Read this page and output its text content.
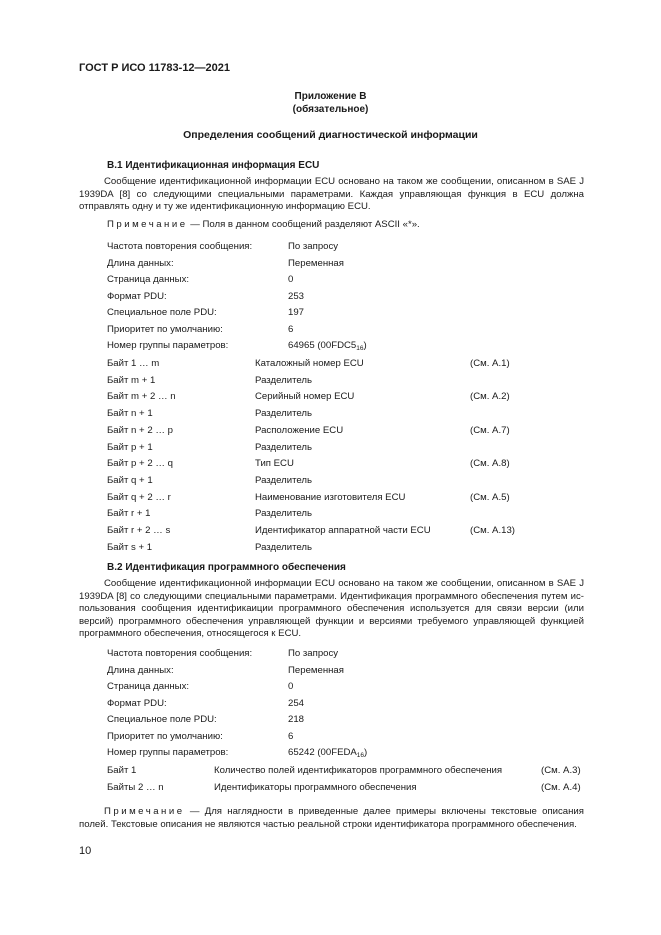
ГОСТ Р ИСО 11783-12—2021
Приложение В
(обязательное)
Определения сообщений диагностической информации
В.1 Идентификационная информация ECU
Сообщение идентификационной информации ECU основано на таком же сообщении, описанном в SAE J 1939DA [8] со следующими специальными параметрами. Каждая управляющая функция в ECU должна отправлять одну и ту же идентификационную информацию ECU.
Примечание — Поля в данном сообщений разделяют ASCII «*».
Частота повторения сообщения:	По запросу
Длина данных:	Переменная
Страница данных:	0
Формат PDU:	253
Специальное поле PDU:	197
Приоритет по умолчанию:	6
Номер группы параметров:	64965 $(00FDC5_{16})$
Байт 1 … m	Каталожный номер ECU	(См. А.1)
Байт m + 1	Разделитель
Байт m + 2 … n	Серийный номер ECU	(См. А.2)
Байт n + 1	Разделитель
Байт n + 2 … p	Расположение ECU	(См. А.7)
Байт p + 1	Разделитель
Байт p + 2 … q	Тип ECU	(См. А.8)
Байт q + 1	Разделитель
Байт q + 2 … r	Наименование изготовителя ECU	(См. А.5)
Байт r + 1	Разделитель
Байт r + 2 … s	Идентификатор аппаратной части ECU	(См. А.13)
Байт s + 1	Разделитель
В.2 Идентификация программного обеспечения
Сообщение идентификационной информации ECU основано на таком же сообщении, описанном в SAE J 1939DA [8] со следующими специальными параметрами. Идентификация программного обеспечения путем ис- пользования сообщения идентификаиции программного обеспечения используется для связи версии (или версий) программного обеспечения управляющей функции и версиями требуемого управляющей функцией программного обеспечения, относящегося к ECU.
Частота повторения сообщения:	По запросу
Длина данных:	Переменная
Страница данных:	0
Формат PDU:	254
Специальное поле PDU:	218
Приоритет по умолчанию:	6
Номер группы параметров:	65242 $(00FEDA_{16})$
Байт 1	Количество полей идентификаторов программного обеспечения	(См. А.3)
Байты 2 … n	Идентификаторы программного обеспечения	(См. А.4)
Примечание — Для наглядности в приведенные далее примеры включены текстовые описания полей. Текстовые описания не являются частью реальной строки идентификатора программного обеспечения.
10
